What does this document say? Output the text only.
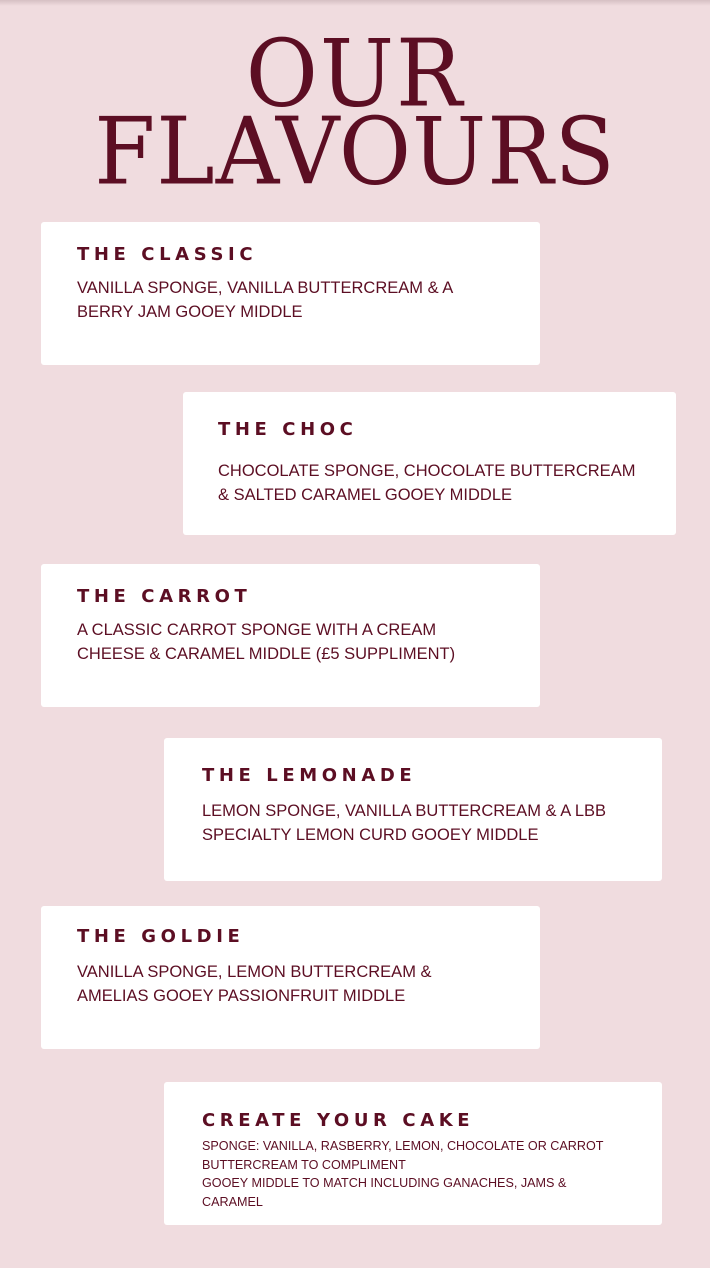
OUR
FLAVOURS
THE CLASSIC

VANILLA SPONGE, VANILLA BUTTERCREAM & A
BERRY JAM GOOEY MIDDLE

THE CHOC

CHOCOLATE SPONGE, CHOCOLATE BUTTERCREAM
& SALTED CARAMEL GOOEY MIDDLE

THE CARROT

A CLASSIC CARROT SPONGE WITH A CREAM
CHEESE & CARAMEL MIDDLE (£5 SUPPLIMENT)

THE LEMONADE

LEMON SPONGE, VANILLA BUTTERCREAM & A LBB
SPECIALTY LEMON CURD GOOEY MIDDLE

THE GOLDIE

VANILLA SPONGE, LEMON BUTTERCREAM &
AMELIAS GOOEY PASSIONFRUIT MIDDLE

CREATE YOUR CAKE

SPONGE: VANILLA, RASBERRY, LEMON, CHOCOLATE OR CARROT
BUTTERCREAM TO COMPLIMENT
GOOEY MIDDLE TO MATCH INCLUDING GANACHES, JAMS &
CARAMEL
